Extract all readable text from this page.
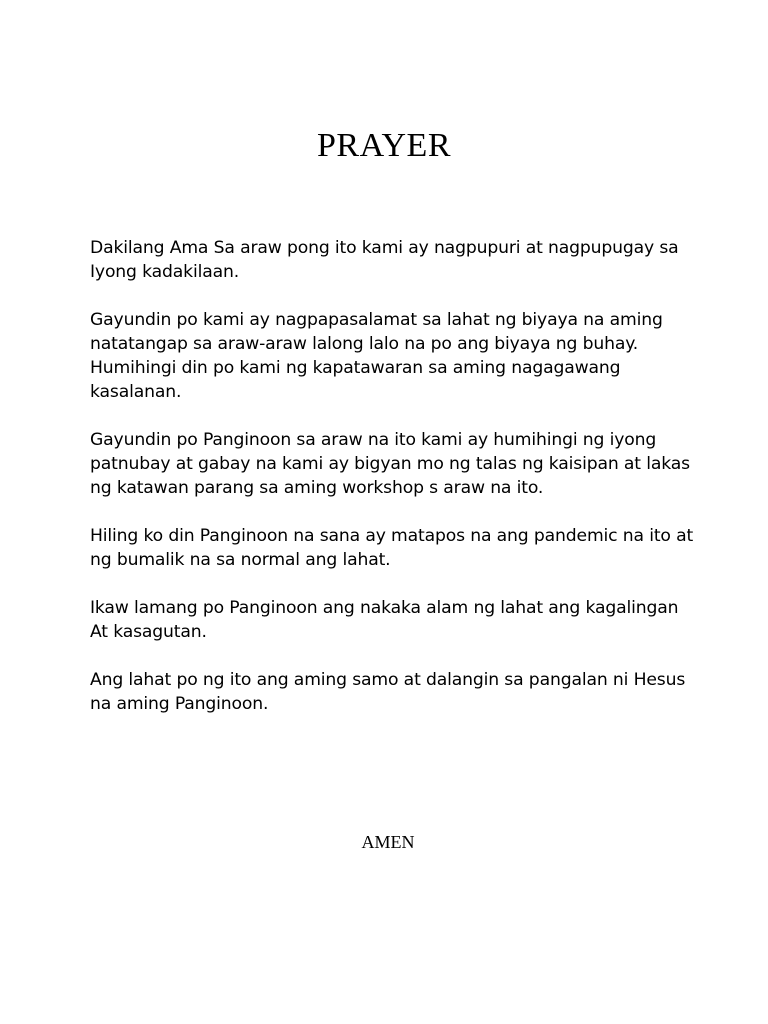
PRAYER

Dakilang Ama Sa araw pong ito kami ay nagpupuri at nagpupugay sa
Iyong kadakilaan.

Gayundin po kami ay nagpapasalamat sa lahat ng biyaya na aming
natatangap sa araw-araw lalong lalo na po ang biyaya ng buhay.
Humihingi din po kami ng kapatawaran sa aming nagagawang
kasalanan.

Gayundin po Panginoon sa araw na ito kami ay humihingi ng iyong
patnubay at gabay na kami ay bigyan mo ng talas ng kaisipan at lakas
ng katawan parang sa aming workshop s araw na ito.

Hiling ko din Panginoon na sana ay matapos na ang pandemic na ito at
ng bumalik na sa normal ang lahat.

Ikaw lamang po Panginoon ang nakaka alam ng lahat ang kagalingan
At kasagutan.

Ang lahat po ng ito ang aming samo at dalangin sa pangalan ni Hesus
na aming Panginoon.

AMEN
